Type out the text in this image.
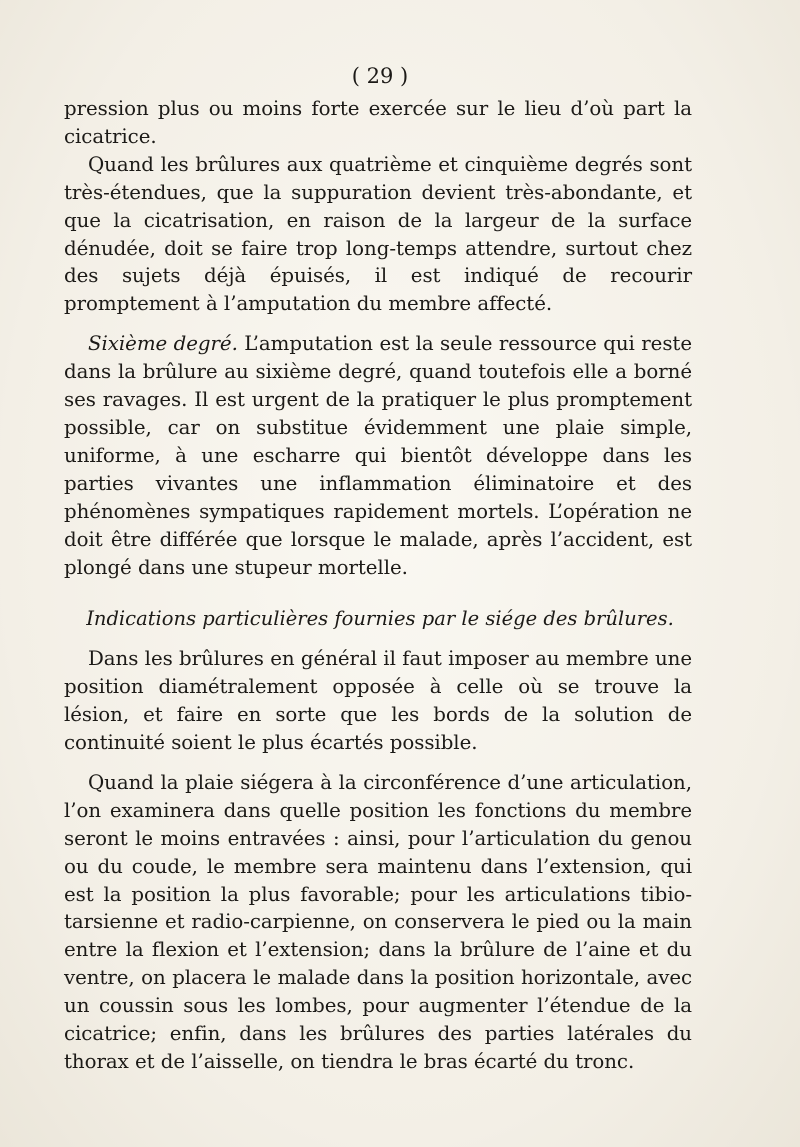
( 29 )

pression plus ou moins forte exercée sur le lieu d’où part la cicatrice.

Quand les brûlures aux quatrième et cinquième degrés sont très-étendues, que la suppuration devient très-abondante, et que la cicatrisation, en raison de la largeur de la surface dénudée, doit se faire trop long-temps attendre, surtout chez des sujets déjà épuisés, il est indiqué de recourir promptement à l’amputation du membre affecté.

Sixième degré. L’amputation est la seule ressource qui reste dans la brûlure au sixième degré, quand toutefois elle a borné ses ravages. Il est urgent de la pratiquer le plus promptement possible, car on substitue évidemment une plaie simple, uniforme, à une escharre qui bientôt développe dans les parties vivantes une inflammation éliminatoire et des phénomènes sympatiques rapidement mortels. L’opération ne doit être différée que lorsque le malade, après l’accident, est plongé dans une stupeur mortelle.

Indications particulières fournies par le siége des brûlures.

Dans les brûlures en général il faut imposer au membre une position diamétralement opposée à celle où se trouve la lésion, et faire en sorte que les bords de la solution de continuité soient le plus écartés possible.

Quand la plaie siégera à la circonférence d’une articulation, l’on examinera dans quelle position les fonctions du membre seront le moins entravées : ainsi, pour l’articulation du genou ou du coude, le membre sera maintenu dans l’extension, qui est la position la plus favorable; pour les articulations tibio-tarsienne et radio-carpienne, on conservera le pied ou la main entre la flexion et l’extension; dans la brûlure de l’aine et du ventre, on placera le malade dans la position horizontale, avec un coussin sous les lombes, pour augmenter l’étendue de la cicatrice; enfin, dans les brûlures des parties latérales du thorax et de l’aisselle, on tiendra le bras écarté du tronc.
